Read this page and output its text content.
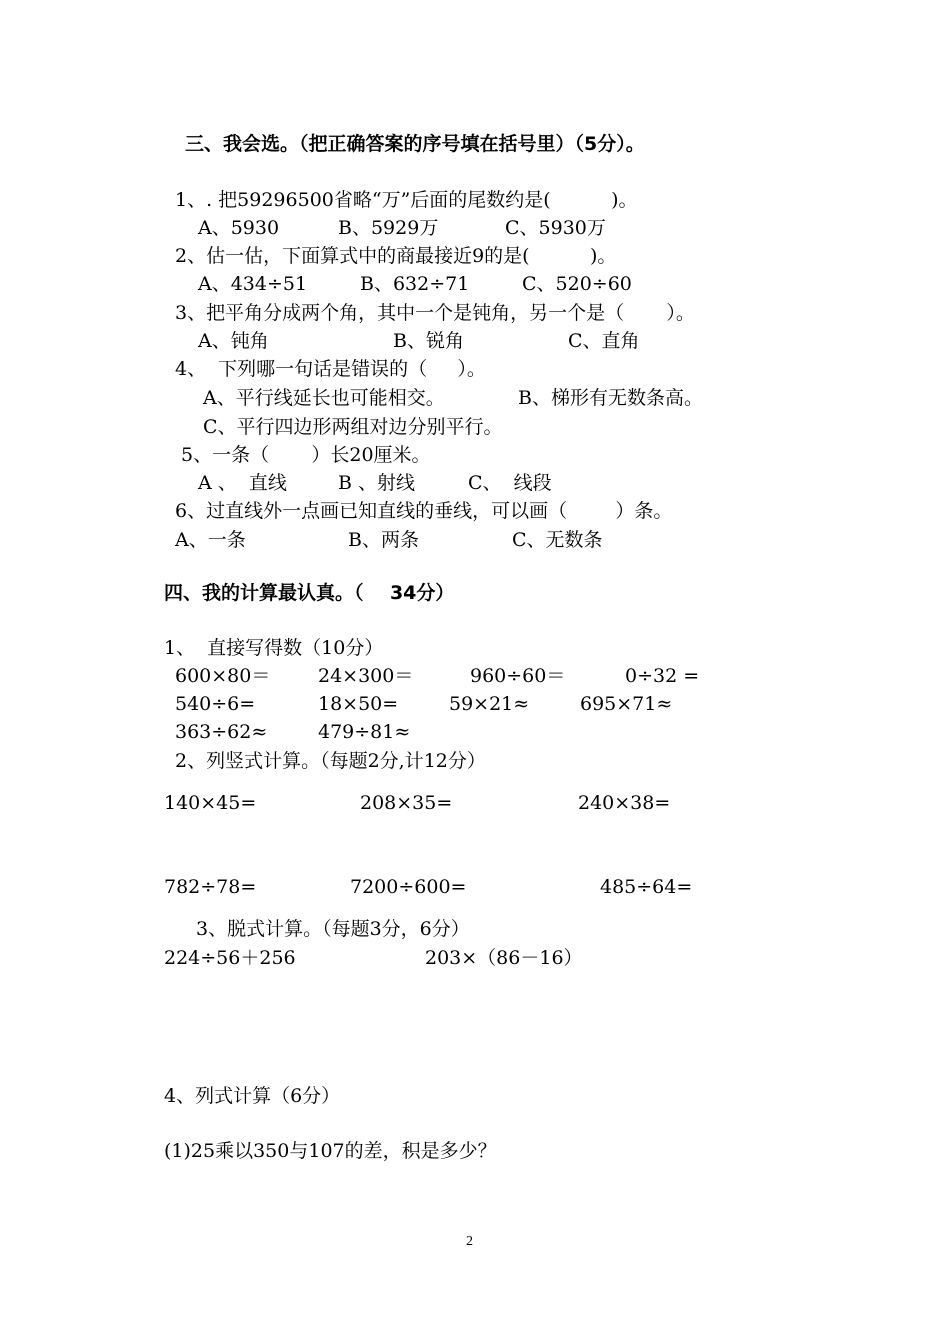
三、我会选。（把正确答案的序号填在括号里）（5分）。
1、. 把59296500省略“万”后面的尾数约是(          )。
A、5930	B、5929万	C、5930万
2、估一估，下面算式中的商最接近9的是(          )。
A、434÷51	B、632÷71	C、520÷60
3、把平角分成两个角，其中一个是钝角，另一个是（       ）。
A、钝角	B、锐角	C、直角
4、  下列哪一句话是错误的（     ）。
A、平行线延长也可能相交。	B、梯形有无数条高。
C、平行四边形两组对边分别平行。
5、一条（       ）长20厘米。
A 、  直线	B 、射线	C、  线段
6、过直线外一点画已知直线的垂线，可以画（        ）条。
A、一条	B、两条	C、无数条
四、我的计算最认真。（    34分）
1、  直接写得数（10分）
600×80＝	24×300＝	960÷60＝	0÷32 =
540÷6=	18×50=	59×21≈	695×71≈
363÷62≈	479÷81≈
2、列竖式计算。（每题2分,计12分）
140×45=	208×35=	240×38=
782÷78=	7200÷600=	485÷64=
3、脱式计算。（每题3分，6分）
224÷56＋256	203×（86－16）
4、列式计算（6分）
(1)25乘以350与107的差，积是多少？
2
